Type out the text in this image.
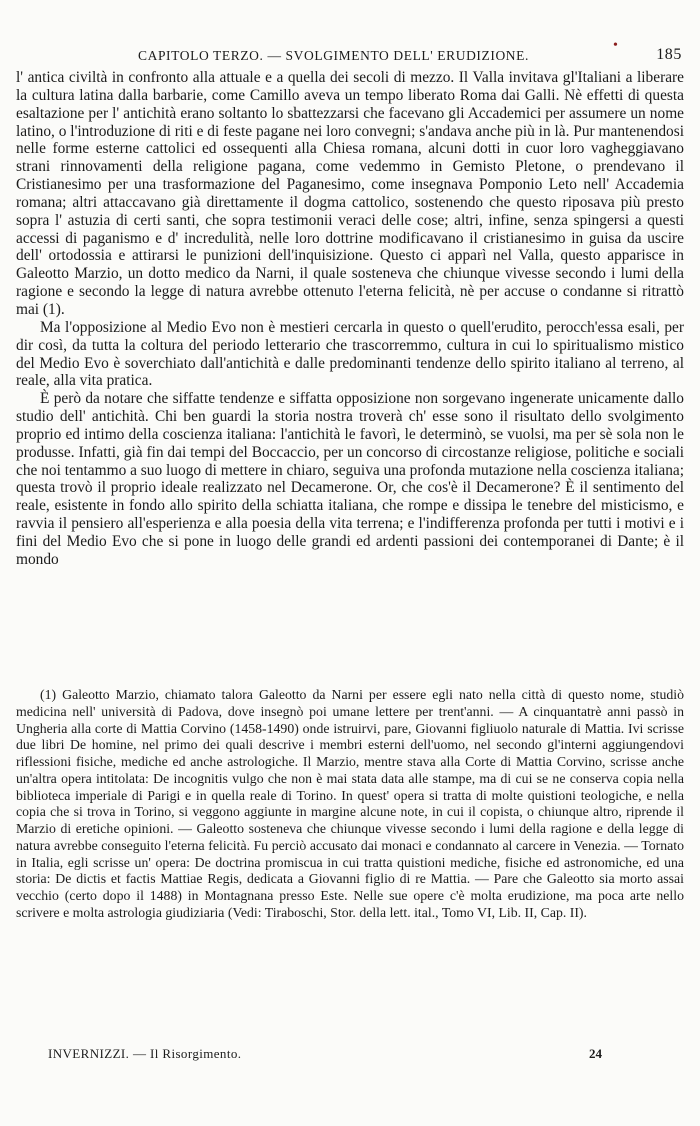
CAPITOLO TERZO. — SVOLGIMENTO DELL' ERUDIZIONE.
•
185

l' antica civiltà in confronto alla attuale e a quella dei secoli di mezzo. Il Valla invitava gl'Italiani a liberare la cultura latina dalla barbarie, come Camillo aveva un tempo liberato Roma dai Galli. Nè effetti di questa esaltazione per l' antichità erano soltanto lo sbattezzarsi che facevano gli Accademici per assumere un nome latino, o l'introduzione di riti e di feste pagane nei loro convegni; s'andava anche più in là. Pur mantenendosi nelle forme esterne cattolici ed ossequenti alla Chiesa romana, alcuni dotti in cuor loro vagheggiavano strani rinnovamenti della religione pagana, come vedemmo in Gemisto Pletone, o prendevano il Cristianesimo per una trasformazione del Paganesimo, come insegnava Pomponio Leto nell' Accademia romana; altri attaccavano già direttamente il dogma cattolico, sostenendo che questo riposava più presto sopra l' astuzia di certi santi, che sopra testimonii veraci delle cose; altri, infine, senza spingersi a questi accessi di paganismo e d' incredulità, nelle loro dottrine modificavano il cristianesimo in guisa da uscire dell' ortodossia e attirarsi le punizioni dell'inquisizione. Questo ci apparì nel Valla, questo apparisce in Galeotto Marzio, un dotto medico da Narni, il quale sosteneva che chiunque vivesse secondo i lumi della ragione e secondo la legge di natura avrebbe ottenuto l'eterna felicità, nè per accuse o condanne si ritrattò mai (1).

Ma l'opposizione al Medio Evo non è mestieri cercarla in questo o quell'erudito, perocch'essa esali, per dir così, da tutta la coltura del periodo letterario che trascorremmo, cultura in cui lo spiritualismo mistico del Medio Evo è soverchiato dall'antichità e dalle predominanti tendenze dello spirito italiano al terreno, al reale, alla vita pratica.

È però da notare che siffatte tendenze e siffatta opposizione non sorgevano ingenerate unicamente dallo studio dell' antichità. Chi ben guardi la storia nostra troverà ch' esse sono il risultato dello svolgimento proprio ed intimo della coscienza italiana: l'antichità le favorì, le determinò, se vuolsi, ma per sè sola non le produsse. Infatti, già fin dai tempi del Boccaccio, per un concorso di circostanze religiose, politiche e sociali che noi tentammo a suo luogo di mettere in chiaro, seguiva una profonda mutazione nella coscienza italiana; questa trovò il proprio ideale realizzato nel Decamerone. Or, che cos'è il Decamerone? È il sentimento del reale, esistente in fondo allo spirito della schiatta italiana, che rompe e dissipa le tenebre del misticismo, e ravvia il pensiero all'esperienza e alla poesia della vita terrena; e l'indifferenza profonda per tutti i motivi e i fini del Medio Evo che si pone in luogo delle grandi ed ardenti passioni dei contemporanei di Dante; è il mondo

(1) Galeotto Marzio, chiamato talora Galeotto da Narni per essere egli nato nella città di questo nome, studiò medicina nell' università di Padova, dove insegnò poi umane lettere per trent'anni. — A cinquantatrè anni passò in Ungheria alla corte di Mattia Corvino (1458-1490) onde istruirvi, pare, Giovanni figliuolo naturale di Mattia. Ivi scrisse due libri De homine, nel primo dei quali descrive i membri esterni dell'uomo, nel secondo gl'interni aggiungendovi riflessioni fisiche, mediche ed anche astrologiche. Il Marzio, mentre stava alla Corte di Mattia Corvino, scrisse anche un'altra opera intitolata: De incognitis vulgo che non è mai stata data alle stampe, ma di cui se ne conserva copia nella biblioteca imperiale di Parigi e in quella reale di Torino. In quest' opera si tratta di molte quistioni teologiche, e nella copia che si trova in Torino, si veggono aggiunte in margine alcune note, in cui il copista, o chiunque altro, riprende il Marzio di eretiche opinioni. — Galeotto sosteneva che chiunque vivesse secondo i lumi della ragione e della legge di natura avrebbe conseguito l'eterna felicità. Fu perciò accusato dai monaci e condannato al carcere in Venezia. — Tornato in Italia, egli scrisse un' opera: De doctrina promiscua in cui tratta quistioni mediche, fisiche ed astronomiche, ed una storia: De dictis et factis Mattiae Regis, dedicata a Giovanni figlio di re Mattia. — Pare che Galeotto sia morto assai vecchio (certo dopo il 1488) in Montagnana presso Este. Nelle sue opere c'è molta erudizione, ma poca arte nello scrivere e molta astrologia giudiziaria (Vedi: Tiraboschi, Stor. della lett. ital., Tomo VI, Lib. II, Cap. II).

INVERNIZZI. — Il Risorgimento.	24
